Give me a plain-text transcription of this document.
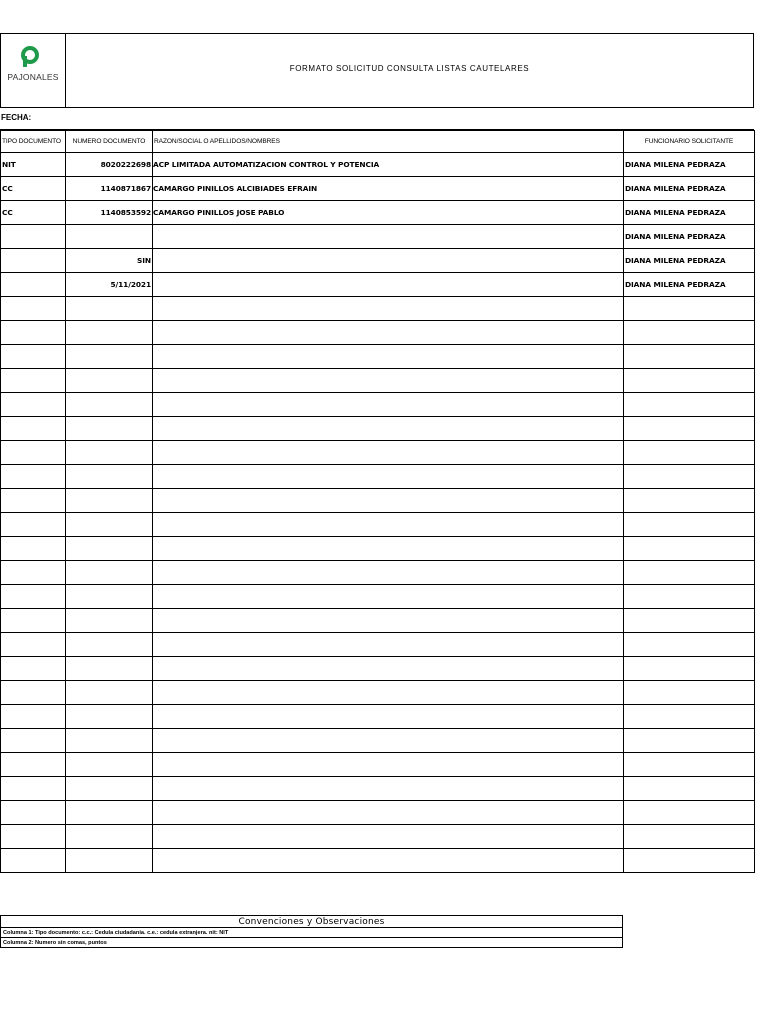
PAJONALES
FORMATO SOLICITUD CONSULTA LISTAS CAUTELARES
FECHA:
TIPO DOCUMENTO	NUMERO DOCUMENTO	RAZON/SOCIAL O APELLIDOS/NOMBRES	FUNCIONARIO SOLICITANTE
NIT	8020222698	ACP LIMITADA AUTOMATIZACION CONTROL Y POTENCIA	DIANA MILENA PEDRAZA
CC	1140871867	CAMARGO PINILLOS ALCIBIADES EFRAIN	DIANA MILENA PEDRAZA
CC	1140853592	CAMARGO PINILLOS JOSE PABLO	DIANA MILENA PEDRAZA
			DIANA MILENA PEDRAZA
	SIN		DIANA MILENA PEDRAZA
	5/11/2021		DIANA MILENA PEDRAZA

Convenciones y Observaciones
Columna 1: Tipo documento: c.c.: Cedula ciudadania. c.e.: cedula extranjera. nit: NIT
Columna 2: Numero sin comas, puntos
